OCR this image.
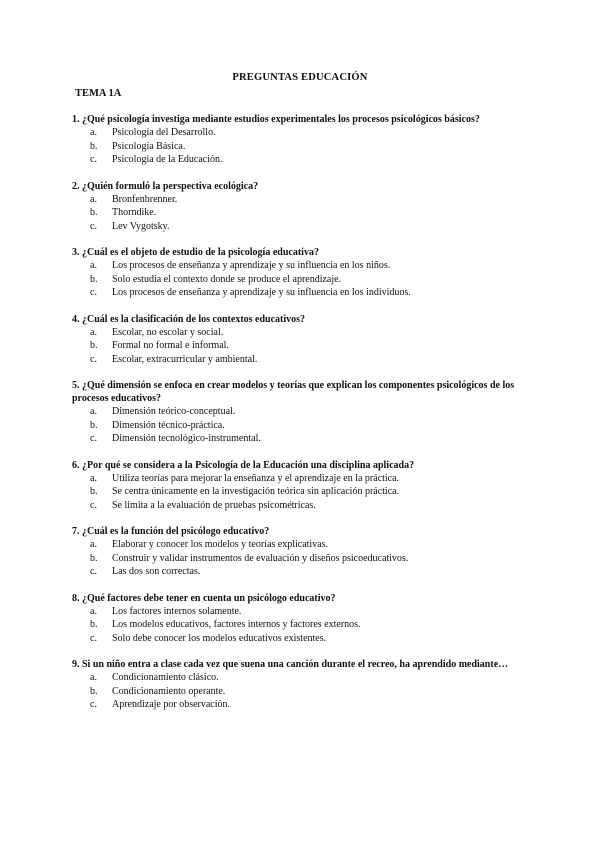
PREGUNTAS EDUCACIÓN
TEMA 1A
1. ¿Qué psicología investiga mediante estudios experimentales los procesos psicológicos básicos?
a.	Psicología del Desarrollo.
b.	Psicología Básica.
c.	Psicología de la Educación.
2. ¿Quién formuló la perspectiva ecológica?
a.	Bronfenbrenner.
b.	Thorndike.
c.	Lev Vygotsky.
3. ¿Cuál es el objeto de estudio de la psicología educativa?
a.	Los procesos de enseñanza y aprendizaje y su influencia en los niños.
b.	Solo estudia el contexto donde se produce el aprendizaje.
c.	Los procesos de enseñanza y aprendizaje y su influencia en los individuos.
4. ¿Cuál es la clasificación de los contextos educativos?
a.	Escolar, no escolar y social.
b.	Formal no formal e informal.
c.	Escolar, extracurricular y ambiental.
5. ¿Qué dimensión se enfoca en crear modelos y teorías que explican los componentes psicológicos de los procesos educativos?
a.	Dimensión teórico-conceptual.
b.	Dimensión técnico-práctica.
c.	Dimensión tecnológico-instrumental.
6. ¿Por qué se considera a la Psicología de la Educación una disciplina aplicada?
a.	Utiliza teorías para mejorar la enseñanza y el aprendizaje en la práctica.
b.	Se centra únicamente en la investigación teórica sin aplicación práctica.
c.	Se limita a la evaluación de pruebas psicométricas.
7. ¿Cuál es la función del psicólogo educativo?
a.	Elaborar y conocer los modelos y teorías explicativas.
b.	Construir y validar instrumentos de evaluación y diseños psicoeducativos.
c.	Las dos son correctas.
8. ¿Qué factores debe tener en cuenta un psicólogo educativo?
a.	Los factores internos solamente.
b.	Los modelos educativos, factores internos y factores externos.
c.	Solo debe conocer los modelos educativos existentes.
9. Si un niño entra a clase cada vez que suena una canción durante el recreo, ha aprendido mediante…
a.	Condicionamiento clásico.
b.	Condicionamiento operante.
c.	Aprendizaje por observación.
